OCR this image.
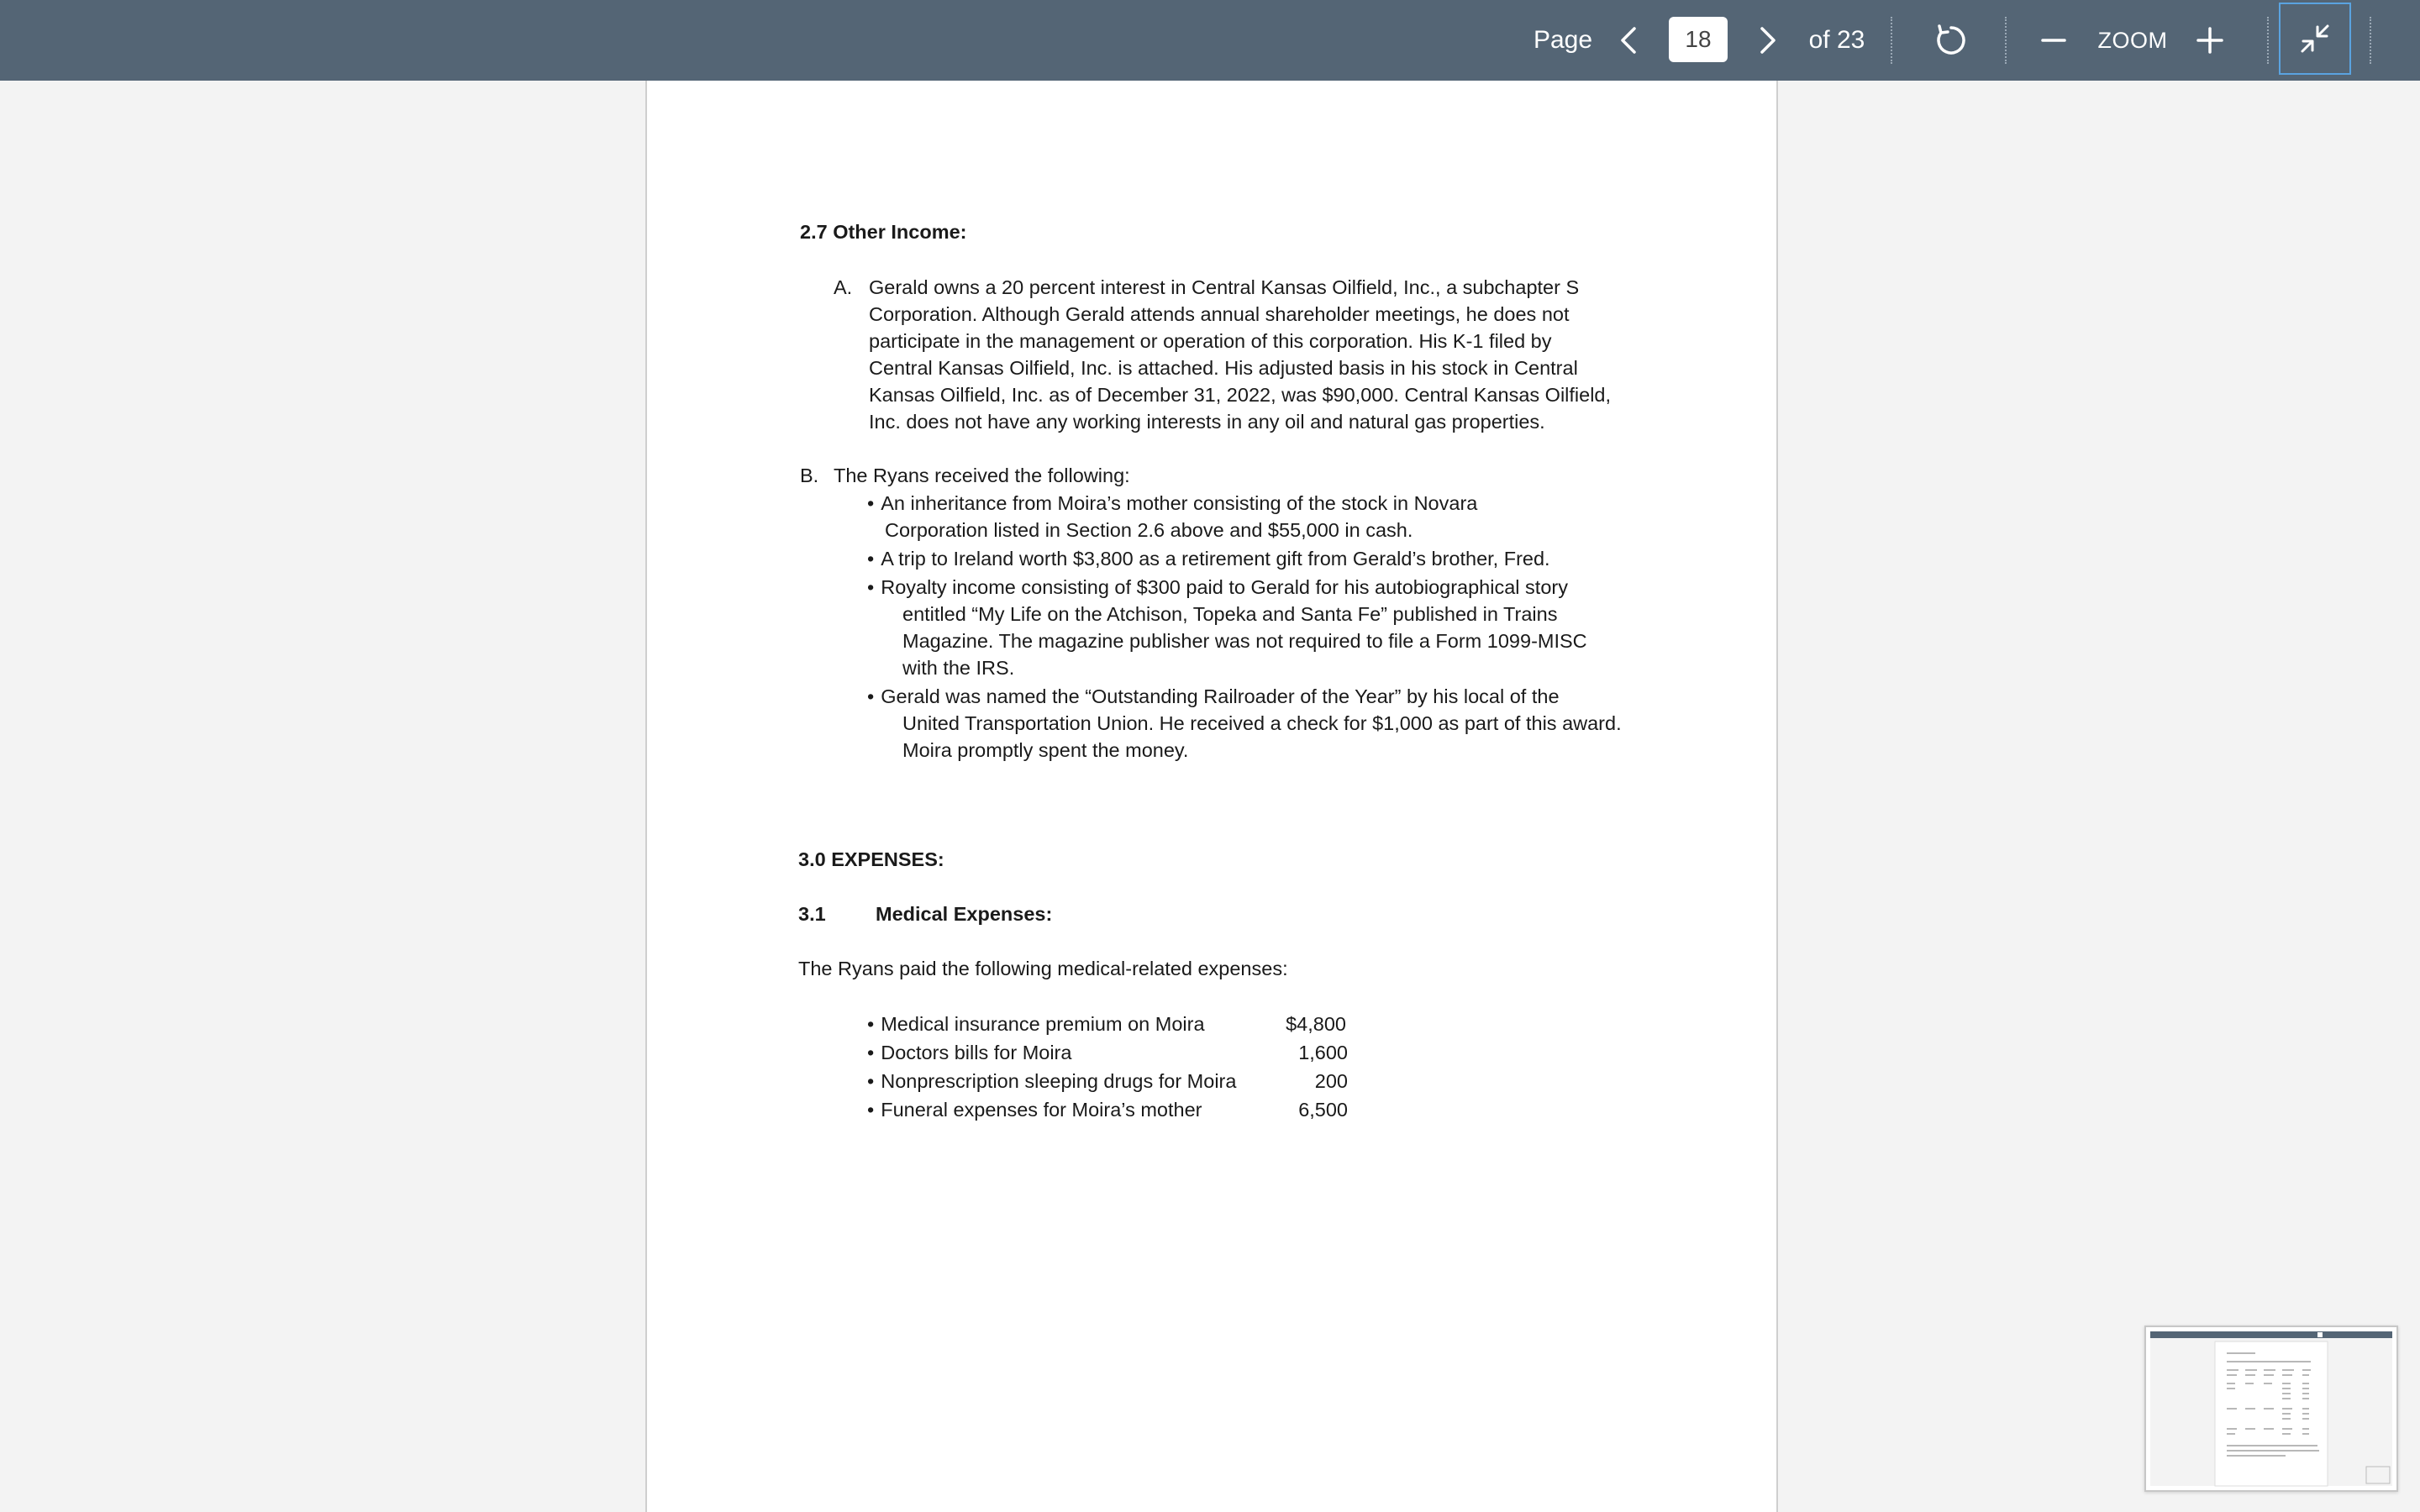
Page
18	of 23	ZOOM
2.7 Other Income:
A. Gerald owns a 20 percent interest in Central Kansas Oilfield, Inc., a subchapter S
Corporation. Although Gerald attends annual shareholder meetings, he does not
participate in the management or operation of this corporation. His K-1 filed by
Central Kansas Oilfield, Inc. is attached. His adjusted basis in his stock in Central
Kansas Oilfield, Inc. as of December 31, 2022, was $90,000. Central Kansas Oilfield,
Inc. does not have any working interests in any oil and natural gas properties.
B. The Ryans received the following:
• An inheritance from Moira’s mother consisting of the stock in Novara
Corporation listed in Section 2.6 above and $55,000 in cash.
• A trip to Ireland worth $3,800 as a retirement gift from Gerald’s brother, Fred.
• Royalty income consisting of $300 paid to Gerald for his autobiographical story
entitled “My Life on the Atchison, Topeka and Santa Fe” published in Trains
Magazine. The magazine publisher was not required to file a Form 1099-MISC
with the IRS.
• Gerald was named the “Outstanding Railroader of the Year” by his local of the
United Transportation Union. He received a check for $1,000 as part of this award.
Moira promptly spent the money.
3.0 EXPENSES:
3.1	Medical Expenses:
The Ryans paid the following medical-related expenses:
• Medical insurance premium on Moira	$4,800
• Doctors bills for Moira	1,600
• Nonprescription sleeping drugs for Moira	200
• Funeral expenses for Moira’s mother	6,500
